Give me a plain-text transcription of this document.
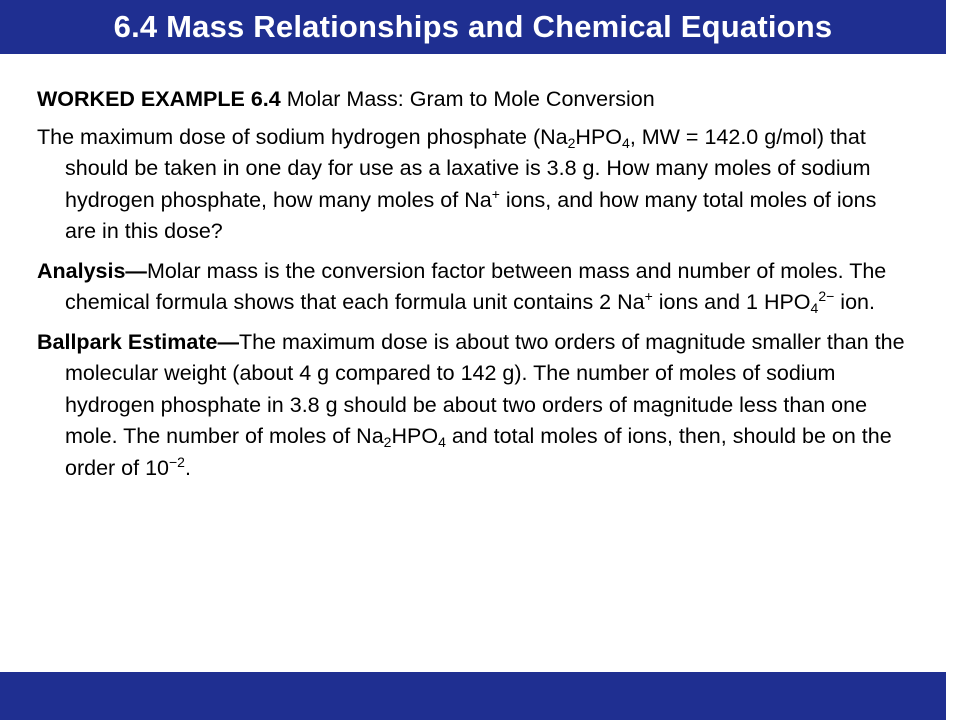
6.4 Mass Relationships and Chemical Equations

WORKED EXAMPLE 6.4 Molar Mass: Gram to Mole Conversion

The maximum dose of sodium hydrogen phosphate ($Na_2HPO_4$, MW = 142.0 g/mol) that should be taken in one day for use as a laxative is 3.8 g. How many moles of sodium hydrogen phosphate, how many moles of Na+ ions, and how many total moles of ions are in this dose?

Analysis—Molar mass is the conversion factor between mass and number of moles. The chemical formula shows that each formula unit contains 2 Na+ ions and 1 $HPO_4^{2-}$ ion.

Ballpark Estimate—The maximum dose is about two orders of magnitude smaller than the molecular weight (about 4 g compared to 142 g). The number of moles of sodium hydrogen phosphate in 3.8 g should be about two orders of magnitude less than one mole. The number of moles of $Na_2HPO_4$ and total moles of ions, then, should be on the order of $10^{-2}$.
